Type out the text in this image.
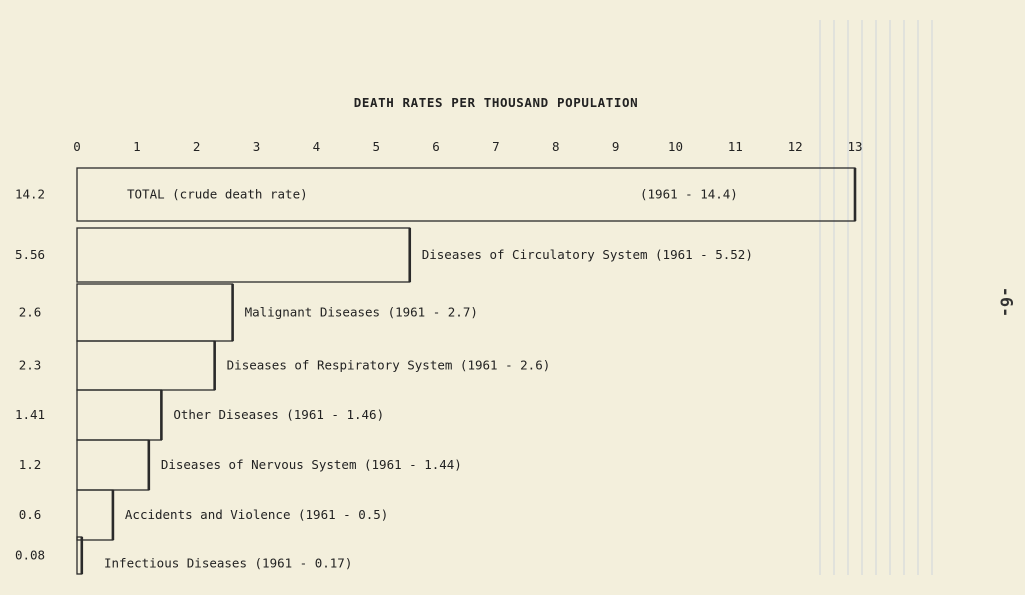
-6-
DEATH RATES PER THOUSAND POPULATION
0	1	2	3	4	5	6	7	8	9	10	11	12	13
14.2	TOTAL (crude death rate)	(1961 - 14.4)
5.56	Diseases of Circulatory System (1961 - 5.52)
2.6	Malignant Diseases (1961 - 2.7)
2.3	Diseases of Respiratory System (1961 - 2.6)
1.41	Other Diseases (1961 - 1.46)
1.2	Diseases of Nervous System (1961 - 1.44)
0.6	Accidents and Violence (1961 - 0.5)
0.08
Infectious Diseases (1961 - 0.17)
